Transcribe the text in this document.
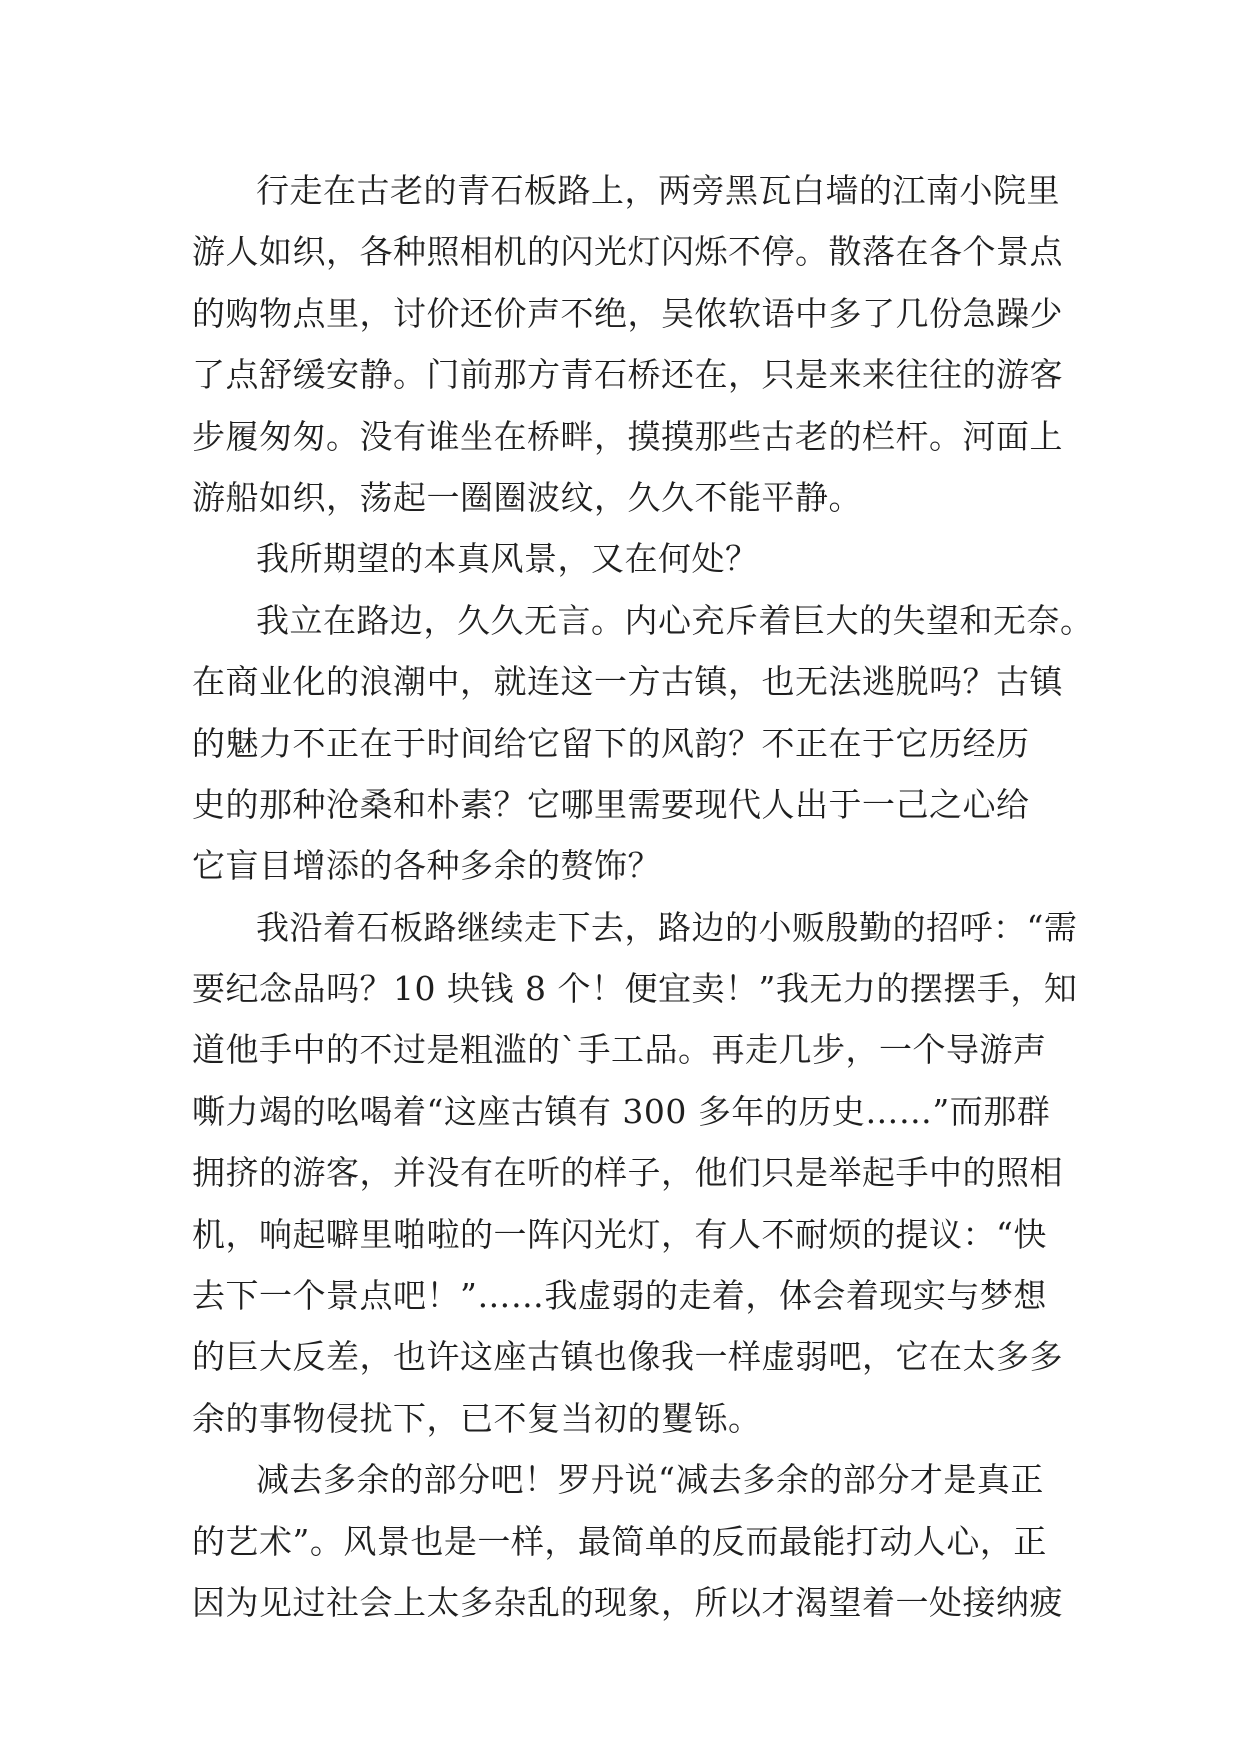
行走在古老的青石板路上，两旁黑瓦白墙的江南小院里
游人如织，各种照相机的闪光灯闪烁不停。散落在各个景点
的购物点里，讨价还价声不绝，吴侬软语中多了几份急躁少
了点舒缓安静。门前那方青石桥还在，只是来来往往的游客
步履匆匆。没有谁坐在桥畔，摸摸那些古老的栏杆。河面上
游船如织，荡起一圈圈波纹，久久不能平静。
我所期望的本真风景，又在何处？
我立在路边，久久无言。内心充斥着巨大的失望和无奈。
在商业化的浪潮中，就连这一方古镇，也无法逃脱吗？古镇
的魅力不正在于时间给它留下的风韵？不正在于它历经历
史的那种沧桑和朴素？它哪里需要现代人出于一己之心给
它盲目增添的各种多余的赘饰？
我沿着石板路继续走下去，路边的小贩殷勤的招呼：“需
要纪念品吗？10 块钱 8 个！便宜卖！”我无力的摆摆手，知
道他手中的不过是粗滥的`手工品。再走几步，一个导游声
嘶力竭的吆喝着“这座古镇有 300 多年的历史……”而那群
拥挤的游客，并没有在听的样子，他们只是举起手中的照相
机，响起噼里啪啦的一阵闪光灯，有人不耐烦的提议：“快
去下一个景点吧！”……我虚弱的走着，体会着现实与梦想
的巨大反差，也许这座古镇也像我一样虚弱吧，它在太多多
余的事物侵扰下，已不复当初的矍铄。
减去多余的部分吧！罗丹说“减去多余的部分才是真正
的艺术”。风景也是一样，最简单的反而最能打动人心，正
因为见过社会上太多杂乱的现象，所以才渴望着一处接纳疲
